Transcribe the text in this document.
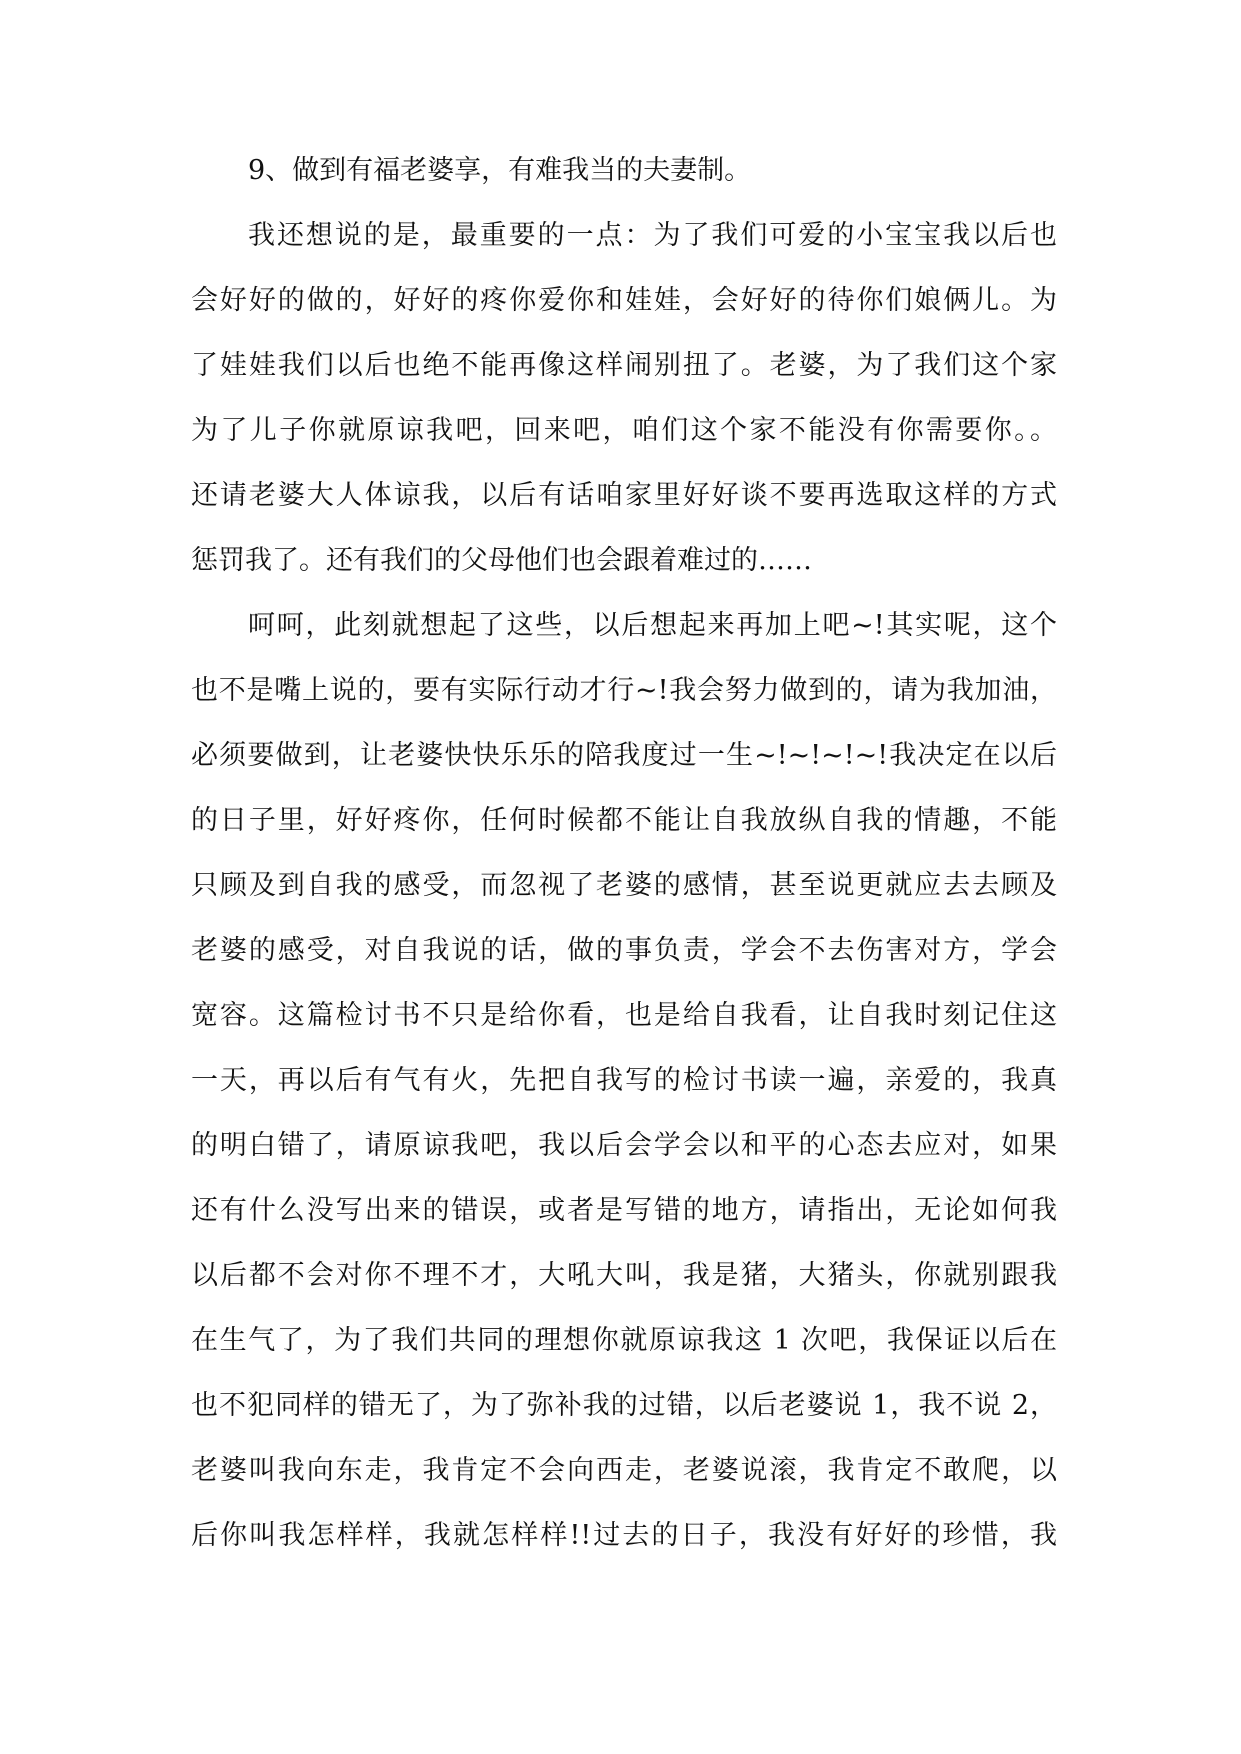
9、做到有福老婆享，有难我当的夫妻制。
我还想说的是，最重要的一点：为了我们可爱的小宝宝我以后也
会好好的做的，好好的疼你爱你和娃娃，会好好的待你们娘俩儿。为
了娃娃我们以后也绝不能再像这样闹别扭了。老婆，为了我们这个家
为了儿子你就原谅我吧，回来吧，咱们这个家不能没有你需要你。。
还请老婆大人体谅我，以后有话咱家里好好谈不要再选取这样的方式
惩罚我了。还有我们的父母他们也会跟着难过的……
呵呵，此刻就想起了这些，以后想起来再加上吧~!其实呢，这个
也不是嘴上说的，要有实际行动才行~!我会努力做到的，请为我加油，
必须要做到，让老婆快快乐乐的陪我度过一生~!~!~!~!我决定在以后
的日子里，好好疼你，任何时候都不能让自我放纵自我的情趣，不能
只顾及到自我的感受，而忽视了老婆的感情，甚至说更就应去去顾及
老婆的感受，对自我说的话，做的事负责，学会不去伤害对方，学会
宽容。这篇检讨书不只是给你看，也是给自我看，让自我时刻记住这
一天，再以后有气有火，先把自我写的检讨书读一遍，亲爱的，我真
的明白错了，请原谅我吧，我以后会学会以和平的心态去应对，如果
还有什么没写出来的错误，或者是写错的地方，请指出，无论如何我
以后都不会对你不理不才，大吼大叫，我是猪，大猪头，你就别跟我
在生气了，为了我们共同的理想你就原谅我这 1 次吧，我保证以后在
也不犯同样的错无了，为了弥补我的过错，以后老婆说 1，我不说 2，
老婆叫我向东走，我肯定不会向西走，老婆说滚，我肯定不敢爬，以
后你叫我怎样样，我就怎样样!!过去的日子，我没有好好的珍惜，我
